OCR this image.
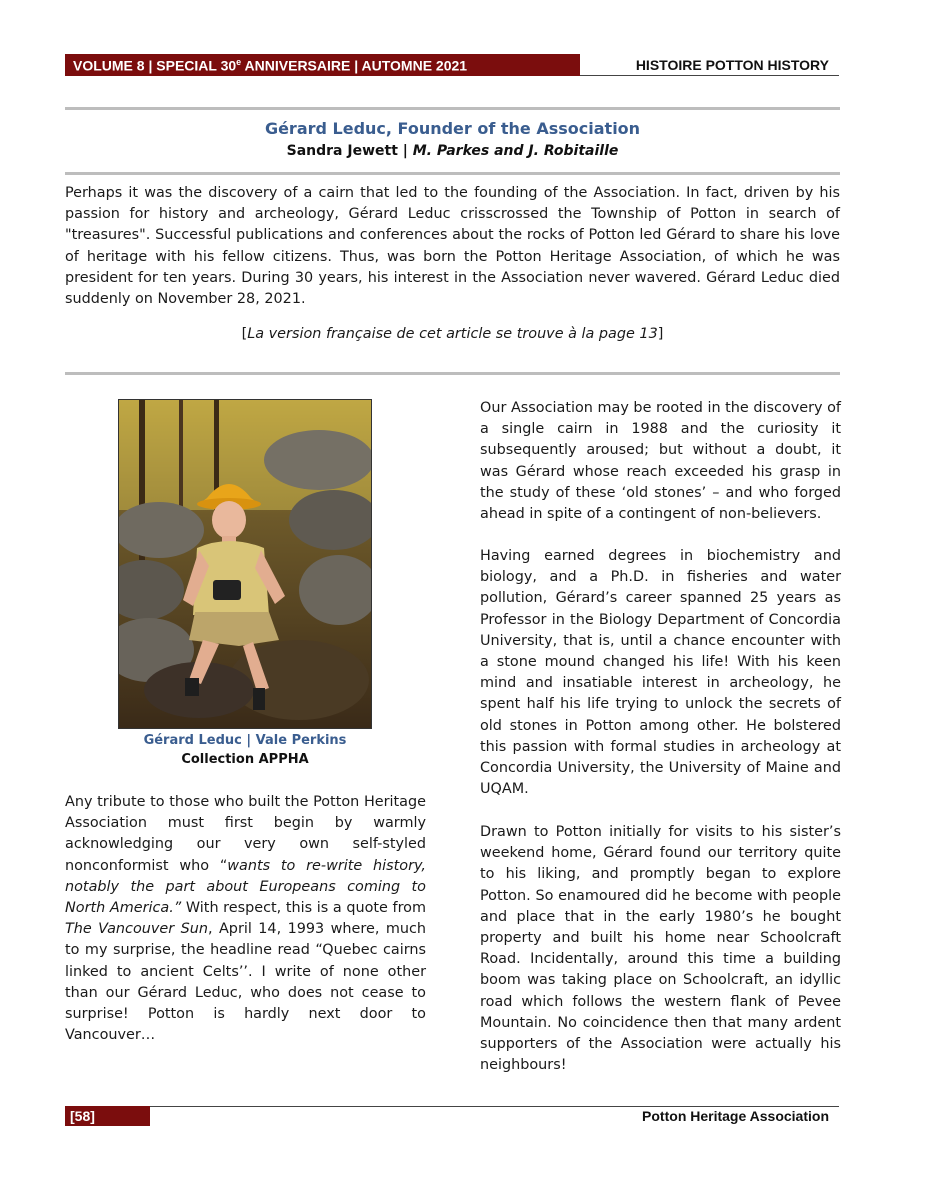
VOLUME 8 | SPECIAL 30e ANNIVERSAIRE | AUTOMNE 2021	HISTOIRE POTTON HISTORY
Gérard Leduc, Founder of the Association
Sandra Jewett | M. Parkes and J. Robitaille

Perhaps it was the discovery of a cairn that led to the founding of the Association. In fact, driven by his passion for history and archeology, Gérard Leduc crisscrossed the Township of Potton in search of "treasures". Successful publications and conferences about the rocks of Potton led Gérard to share his love of heritage with his fellow citizens. Thus, was born the Potton Heritage Association, of which he was president for ten years. During 30 years, his interest in the Association never wavered. Gérard Leduc died suddenly on November 28, 2021.

[La version française de cet article se trouve à la page 13]
Gérard Leduc | Vale Perkins
Collection APPHA

Any tribute to those who built the Potton Heritage Association must first begin by warmly acknowledging our very own self-styled nonconformist who “wants to re-write history, notably the part about Europeans coming to North America.” With respect, this is a quote from The Vancouver Sun, April 14, 1993 where, much to my surprise, the headline read “Quebec cairns linked to ancient Celts’’. I write of none other than our Gérard Leduc, who does not cease to surprise! Potton is hardly next door to Vancouver…

Our Association may be rooted in the discovery of a single cairn in 1988 and the curiosity it subsequently aroused; but without a doubt, it was Gérard whose reach exceeded his grasp in the study of these ‘old stones’ – and who forged ahead in spite of a contingent of non-believers.

Having earned degrees in biochemistry and biology, and a Ph.D. in fisheries and water pollution, Gérard’s career spanned 25 years as Professor in the Biology Department of Concordia University, that is, until a chance encounter with a stone mound changed his life! With his keen mind and insatiable interest in archeology, he spent half his life trying to unlock the secrets of old stones in Potton among other. He bolstered this passion with formal studies in archeology at Concordia University, the University of Maine and UQAM.

Drawn to Potton initially for visits to his sister’s weekend home, Gérard found our territory quite to his liking, and promptly began to explore Potton. So enamoured did he become with people and place that in the early 1980’s he bought property and built his home near Schoolcraft Road. Incidentally, around this time a building boom was taking place on Schoolcraft, an idyllic road which follows the western flank of Pevee Mountain. No coincidence then that many ardent supporters of the Association were actually his neighbours!

[58]	Potton Heritage Association
